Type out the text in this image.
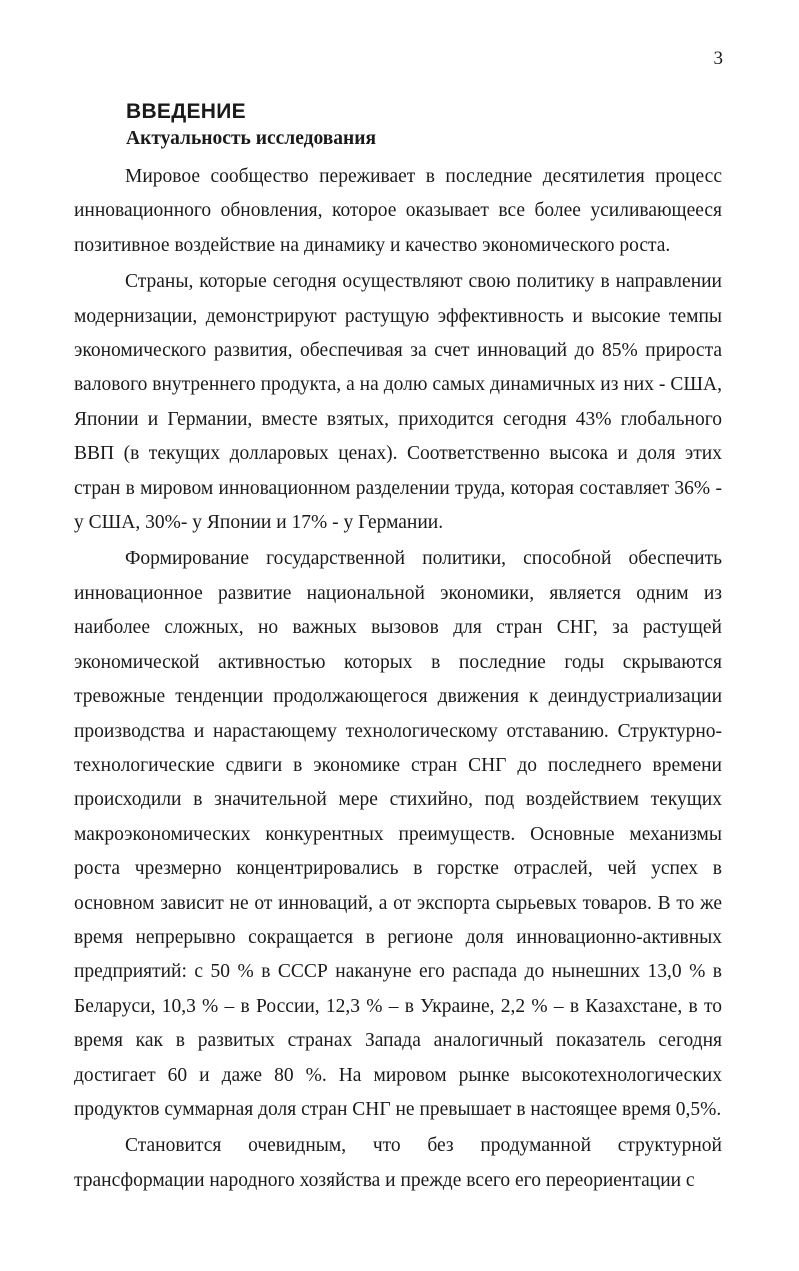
3

ВВЕДЕНИЕ
Актуальность исследования

Мировое сообщество переживает в последние десятилетия процесс инновационного обновления, которое оказывает все более усиливающееся позитивное воздействие на динамику и качество экономического роста.

Страны, которые сегодня осуществляют свою политику в направлении модернизации, демонстрируют растущую эффективность и высокие темпы экономического развития, обеспечивая за счет инноваций до 85% прироста валового внутреннего продукта, а на долю самых динамичных из них - США, Японии и Германии, вместе взятых, приходится сегодня 43% глобального ВВП (в текущих долларовых ценах). Соответственно высока и доля этих стран в мировом инновационном разделении труда, которая составляет 36% - у США, 30%- у Японии и 17% - у Германии.

Формирование государственной политики, способной обеспечить инновационное развитие национальной экономики, является одним из наиболее сложных, но важных вызовов для стран СНГ, за растущей экономической активностью которых в последние годы скрываются тревожные тенденции продолжающегося движения к деиндустриализации производства и нарастающему технологическому отставанию. Структурно-технологические сдвиги в экономике стран СНГ до последнего времени происходили в значительной мере стихийно, под воздействием текущих макроэкономических конкурентных преимуществ. Основные механизмы роста чрезмерно концентрировались в горстке отраслей, чей успех в основном зависит не от инноваций, а от экспорта сырьевых товаров. В то же время непрерывно сокращается в регионе доля инновационно-активных предприятий: с 50 % в СССР накануне его распада до нынешних 13,0 % в Беларуси, 10,3 % – в России, 12,3 % – в Украине, 2,2 % – в Казахстане, в то время как в развитых странах Запада аналогичный показатель сегодня достигает 60 и даже 80 %. На мировом рынке высокотехнологических продуктов суммарная доля стран СНГ не превышает в настоящее время 0,5%.

Становится очевидным, что без продуманной структурной трансформации народного хозяйства и прежде всего его переориентации с
